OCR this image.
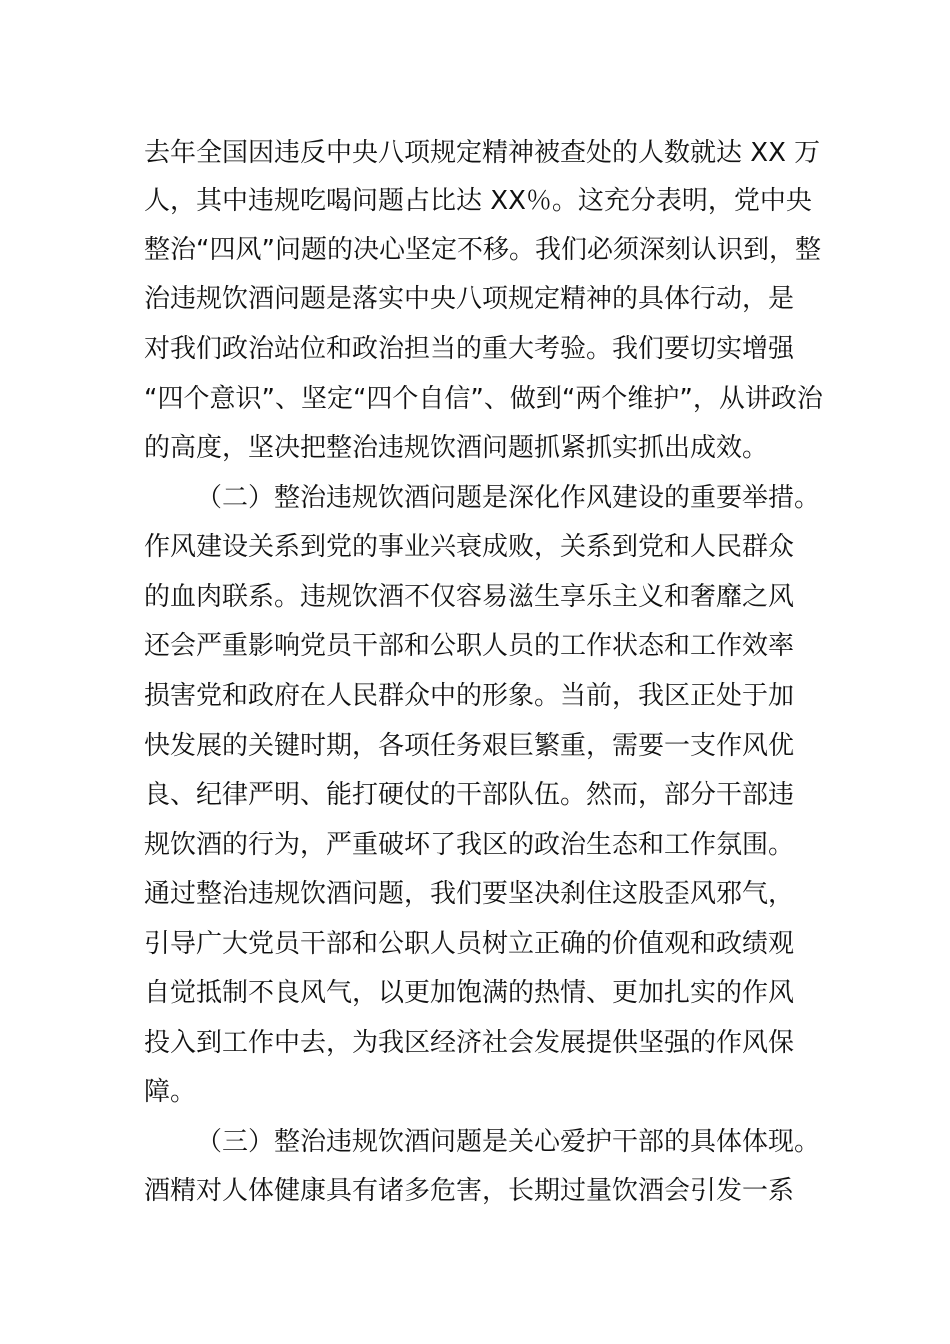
去年全国因违反中央八项规定精神被查处的人数就达 XX 万
人，其中违规吃喝问题占比达 XX％。这充分表明，党中央
整治“四风”问题的决心坚定不移。我们必须深刻认识到，整
治违规饮酒问题是落实中央八项规定精神的具体行动，是
对我们政治站位和政治担当的重大考验。我们要切实增强
“四个意识”、坚定“四个自信”、做到“两个维护”，从讲政治
的高度，坚决把整治违规饮酒问题抓紧抓实抓出成效。
（二）整治违规饮酒问题是深化作风建设的重要举措。
作风建设关系到党的事业兴衰成败，关系到党和人民群众
的血肉联系。违规饮酒不仅容易滋生享乐主义和奢靡之风
还会严重影响党员干部和公职人员的工作状态和工作效率
损害党和政府在人民群众中的形象。当前，我区正处于加
快发展的关键时期，各项任务艰巨繁重，需要一支作风优
良、纪律严明、能打硬仗的干部队伍。然而，部分干部违
规饮酒的行为，严重破坏了我区的政治生态和工作氛围。
通过整治违规饮酒问题，我们要坚决刹住这股歪风邪气，
引导广大党员干部和公职人员树立正确的价值观和政绩观
自觉抵制不良风气，以更加饱满的热情、更加扎实的作风
投入到工作中去，为我区经济社会发展提供坚强的作风保
障。
（三）整治违规饮酒问题是关心爱护干部的具体体现。
酒精对人体健康具有诸多危害，长期过量饮酒会引发一系
